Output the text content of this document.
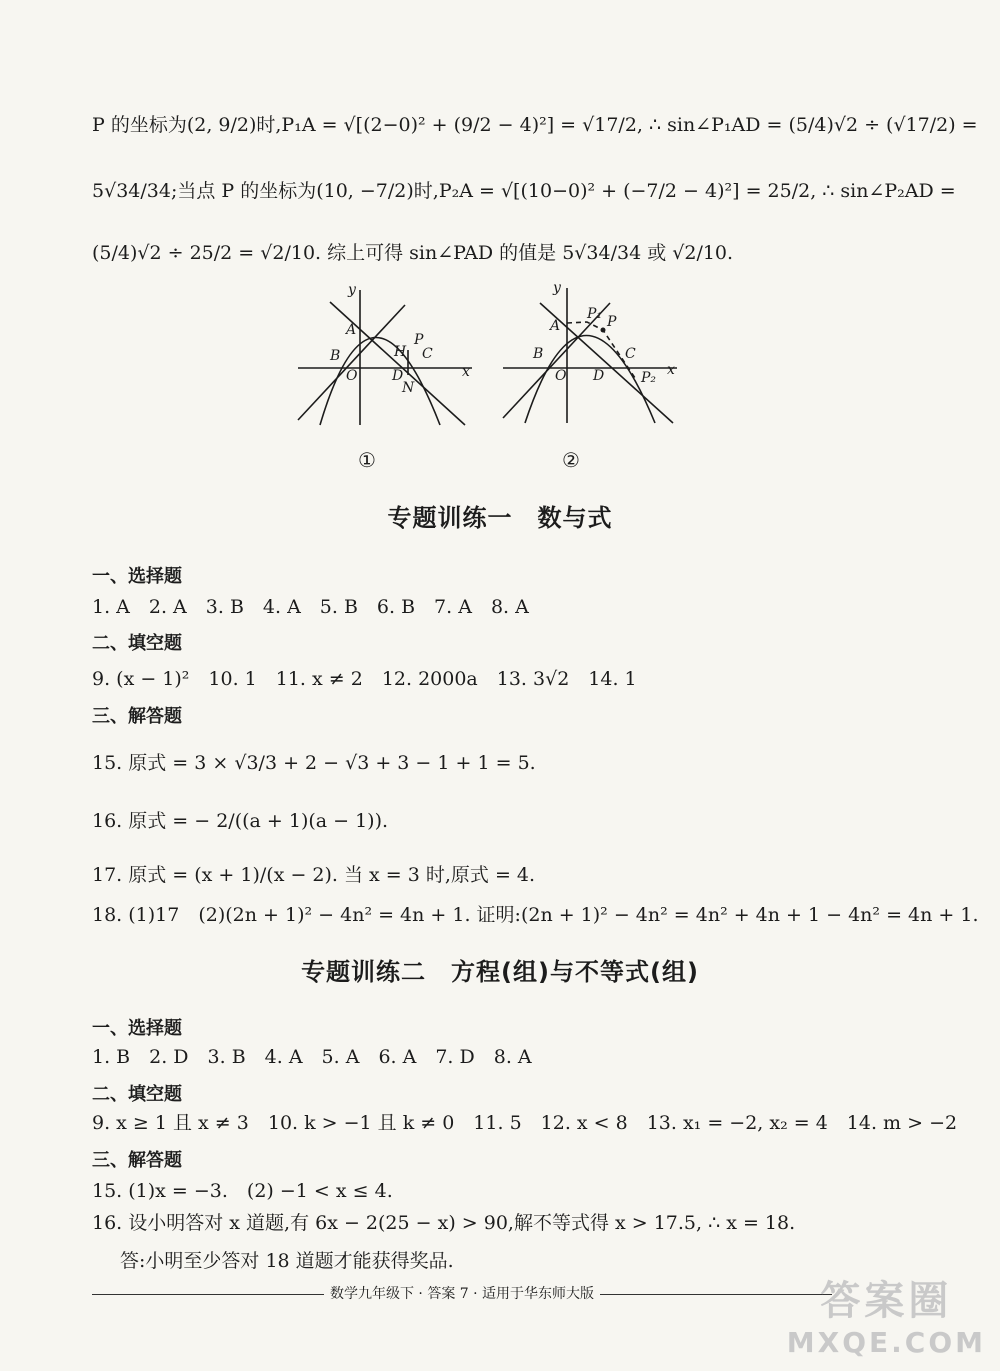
P 的坐标为(2, 9/2)时,P₁A = √[(2−0)² + (9/2 − 4)²] = √17/2, ∴ sin∠P₁AD = (5/4)√2 ÷ (√17/2) =
5√34/34;当点 P 的坐标为(10, −7/2)时,P₂A = √[(10−0)² + (−7/2 − 4)²] = 25/2, ∴ sin∠P₂AD =
(5/4)√2 ÷ 25/2 = √2/10. 综上可得 sin∠PAD 的值是 5√34/34 或 √2/10.
y
A
B
O
H
P
C
D
N
x
①
y
A
P₁ P
B
O D
C
P₂ x
②
专题训练一　数与式
一、选择题
1. A　2. A　3. B　4. A　5. B　6. B　7. A　8. A
二、填空题
9. (x − 1)²　10. 1　11. x ≠ 2　12. 2000a　13. 3√2　14. 1
三、解答题
15. 原式 = 3 × √3/3 + 2 − √3 + 3 − 1 + 1 = 5.
16. 原式 = − 2/((a + 1)(a − 1)).
17. 原式 = (x + 1)/(x − 2). 当 x = 3 时,原式 = 4.
18. (1)17　(2)(2n + 1)² − 4n² = 4n + 1. 证明:(2n + 1)² − 4n² = 4n² + 4n + 1 − 4n² = 4n + 1.
专题训练二　方程(组)与不等式(组)
一、选择题
1. B　2. D　3. B　4. A　5. A　6. A　7. D　8. A
二、填空题
9. x ≥ 1 且 x ≠ 3　10. k > −1 且 k ≠ 0　11. 5　12. x < 8　13. x₁ = −2, x₂ = 4　14. m > −2
三、解答题
15. (1)x = −3.　(2) −1 < x ≤ 4.
16. 设小明答对 x 道题,有 6x − 2(25 − x) > 90,解不等式得 x > 17.5, ∴ x = 18.
答:小明至少答对 18 道题才能获得奖品.
数学九年级下 · 答案 7 · 适用于华东师大版	答案圈
MXQE.COM
